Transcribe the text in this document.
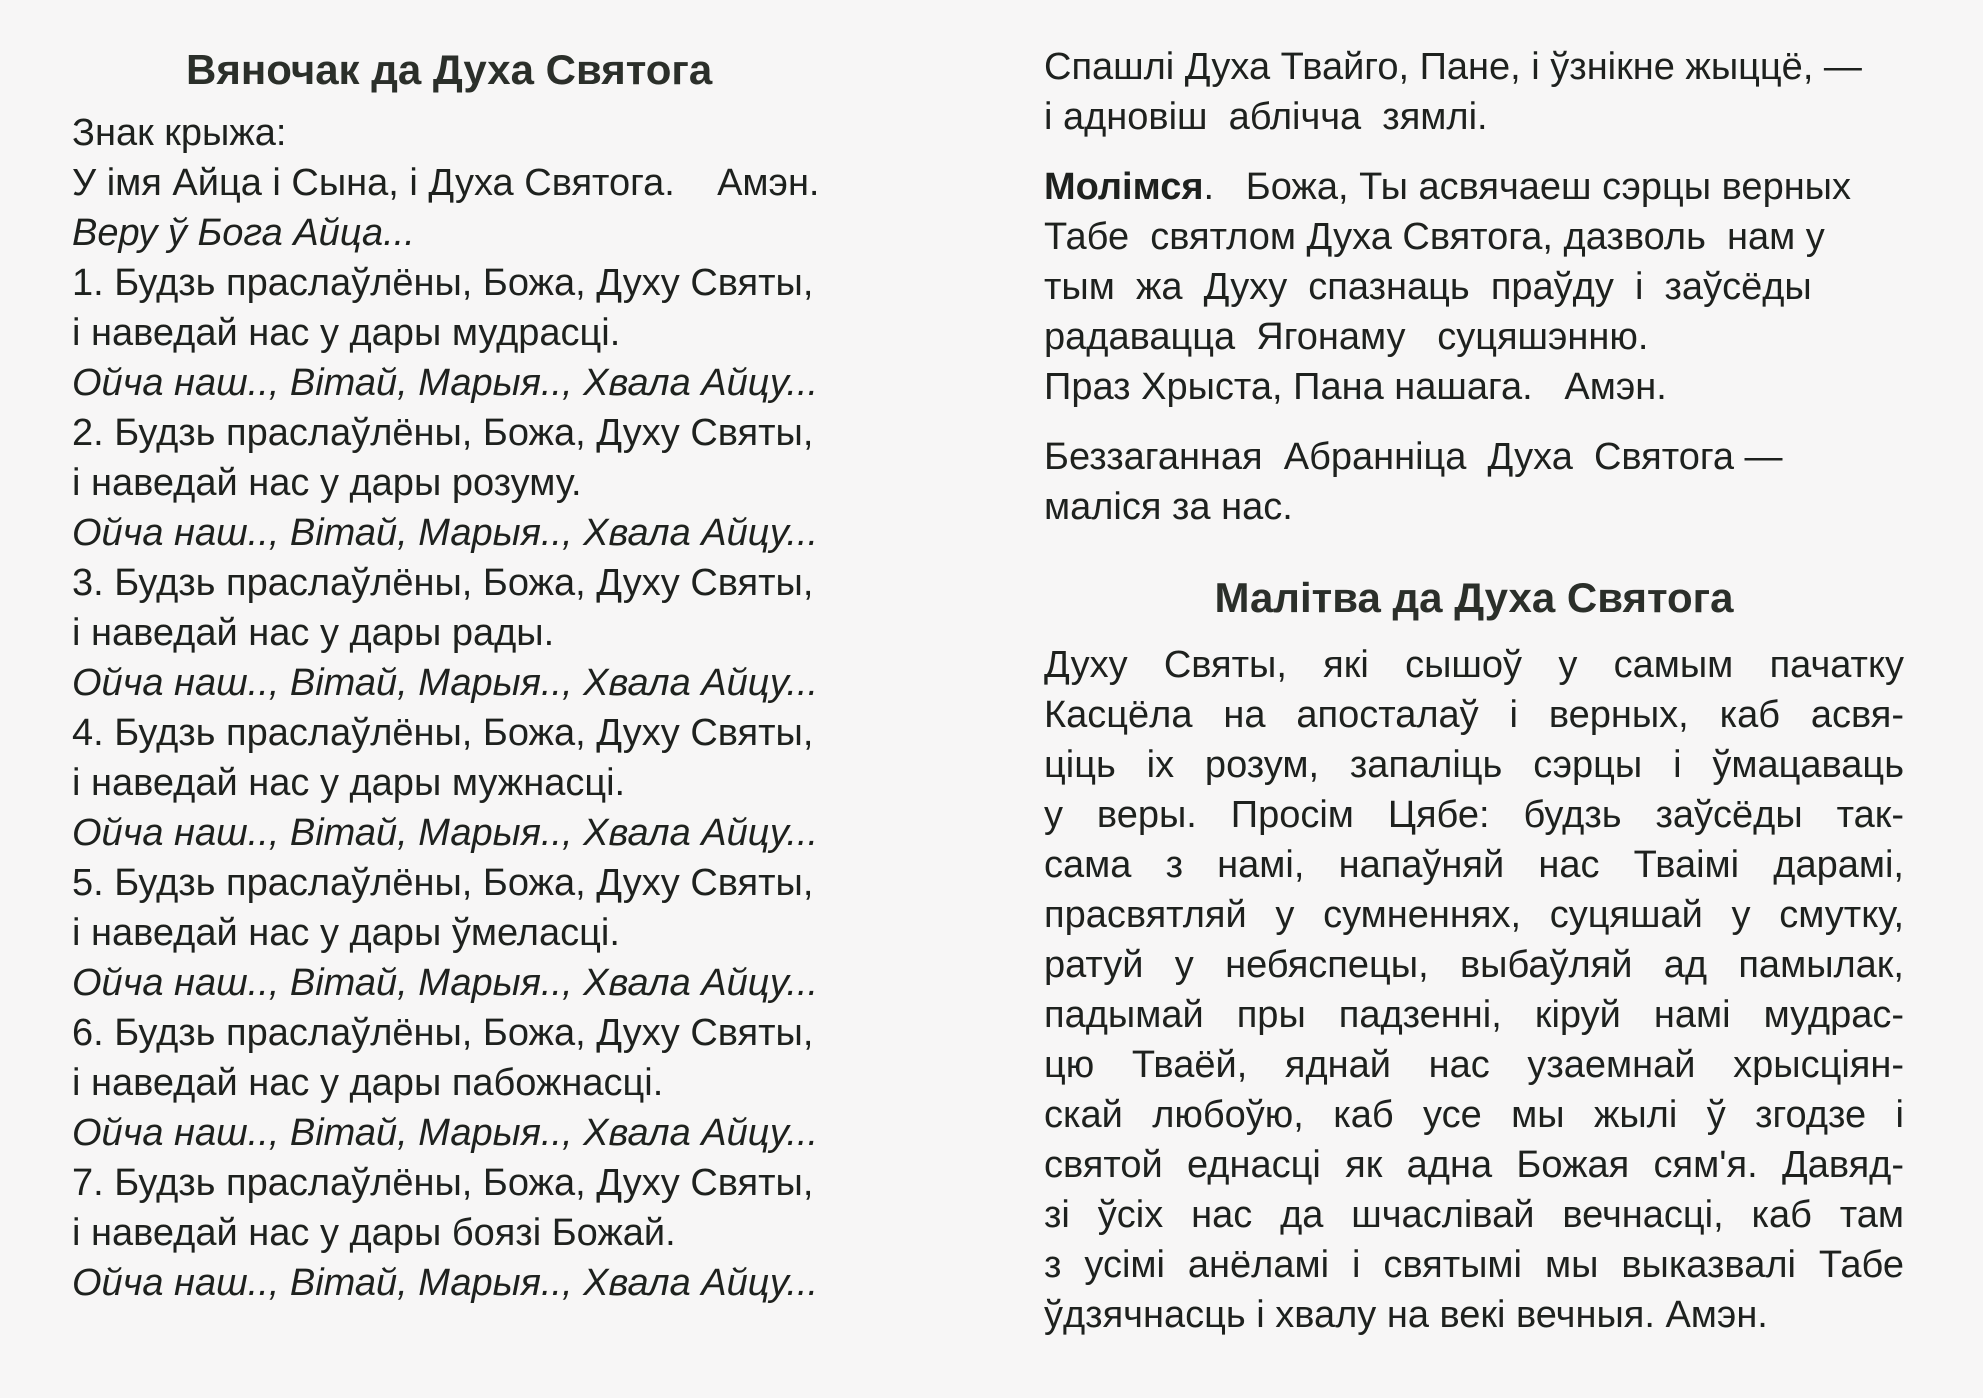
Вяночак да Духа Святога

Знак крыжа:

У імя Айца і Сына, і Духа Святога.    Амэн.

Веру ў Бога Айца...

1. Будзь праслаўлёны, Божа, Духу Святы,

і наведай нас у дары мудрасці.

Ойча наш.., Вітай, Марыя.., Хвала Айцу...

2. Будзь праслаўлёны, Божа, Духу Святы,

і наведай нас у дары розуму.

Ойча наш.., Вітай, Марыя.., Хвала Айцу...

3. Будзь праслаўлёны, Божа, Духу Святы,

і наведай нас у дары рады.

Ойча наш.., Вітай, Марыя.., Хвала Айцу...

4. Будзь праслаўлёны, Божа, Духу Святы,

і наведай нас у дары мужнасці.

Ойча наш.., Вітай, Марыя.., Хвала Айцу...

5. Будзь праслаўлёны, Божа, Духу Святы,

і наведай нас у дары ўмеласці.

Ойча наш.., Вітай, Марыя.., Хвала Айцу...

6. Будзь праслаўлёны, Божа, Духу Святы,

і наведай нас у дары пабожнасці.

Ойча наш.., Вітай, Марыя.., Хвала Айцу...

7. Будзь праслаўлёны, Божа, Духу Святы,

і наведай нас у дары боязі Божай.

Ойча наш.., Вітай, Марыя.., Хвала Айцу...

Спашлі Духа Твайго, Пане, і ўзнікне жыццё, —

і адновіш  аблічча  зямлі.

Молімся.   Божа, Ты асвячаеш сэрцы верных

Табе  святлом Духа Святога, дазволь  нам у

тым  жа  Духу  спазнаць  праўду  і  заўсёды

радавацца  Ягонаму   суцяшэнню.

Праз Хрыста, Пана нашага.   Амэн.

Беззаганная  Абранніца  Духа  Святога —

маліся за нас.

Малітва да Духа Святога

Духу Святы, які сышоў у самым пачатку

Касцёла на апосталаў і верных, каб асвя-

ціць іх розум, запаліць сэрцы і ўмацаваць

у веры. Просім Цябе: будзь заўсёды так-

сама з намі, напаўняй нас Тваімі дарамі,

прасвятляй у сумненнях, суцяшай у смутку,

ратуй у небяспецы, выбаўляй ад памылак,

падымай пры падзенні, кіруй намі мудрас-

цю Тваёй, яднай нас узаемнай хрысціян-

скай любоўю, каб усе мы жылі ў згодзе і

святой еднасці як адна Божая сям'я. Давяд-

зі ўсіх нас да шчаслівай вечнасці, каб там

з усімі анёламі і святымі мы выказвалі Табе

ўдзячнасць і хвалу на векі вечныя. Амэн.
